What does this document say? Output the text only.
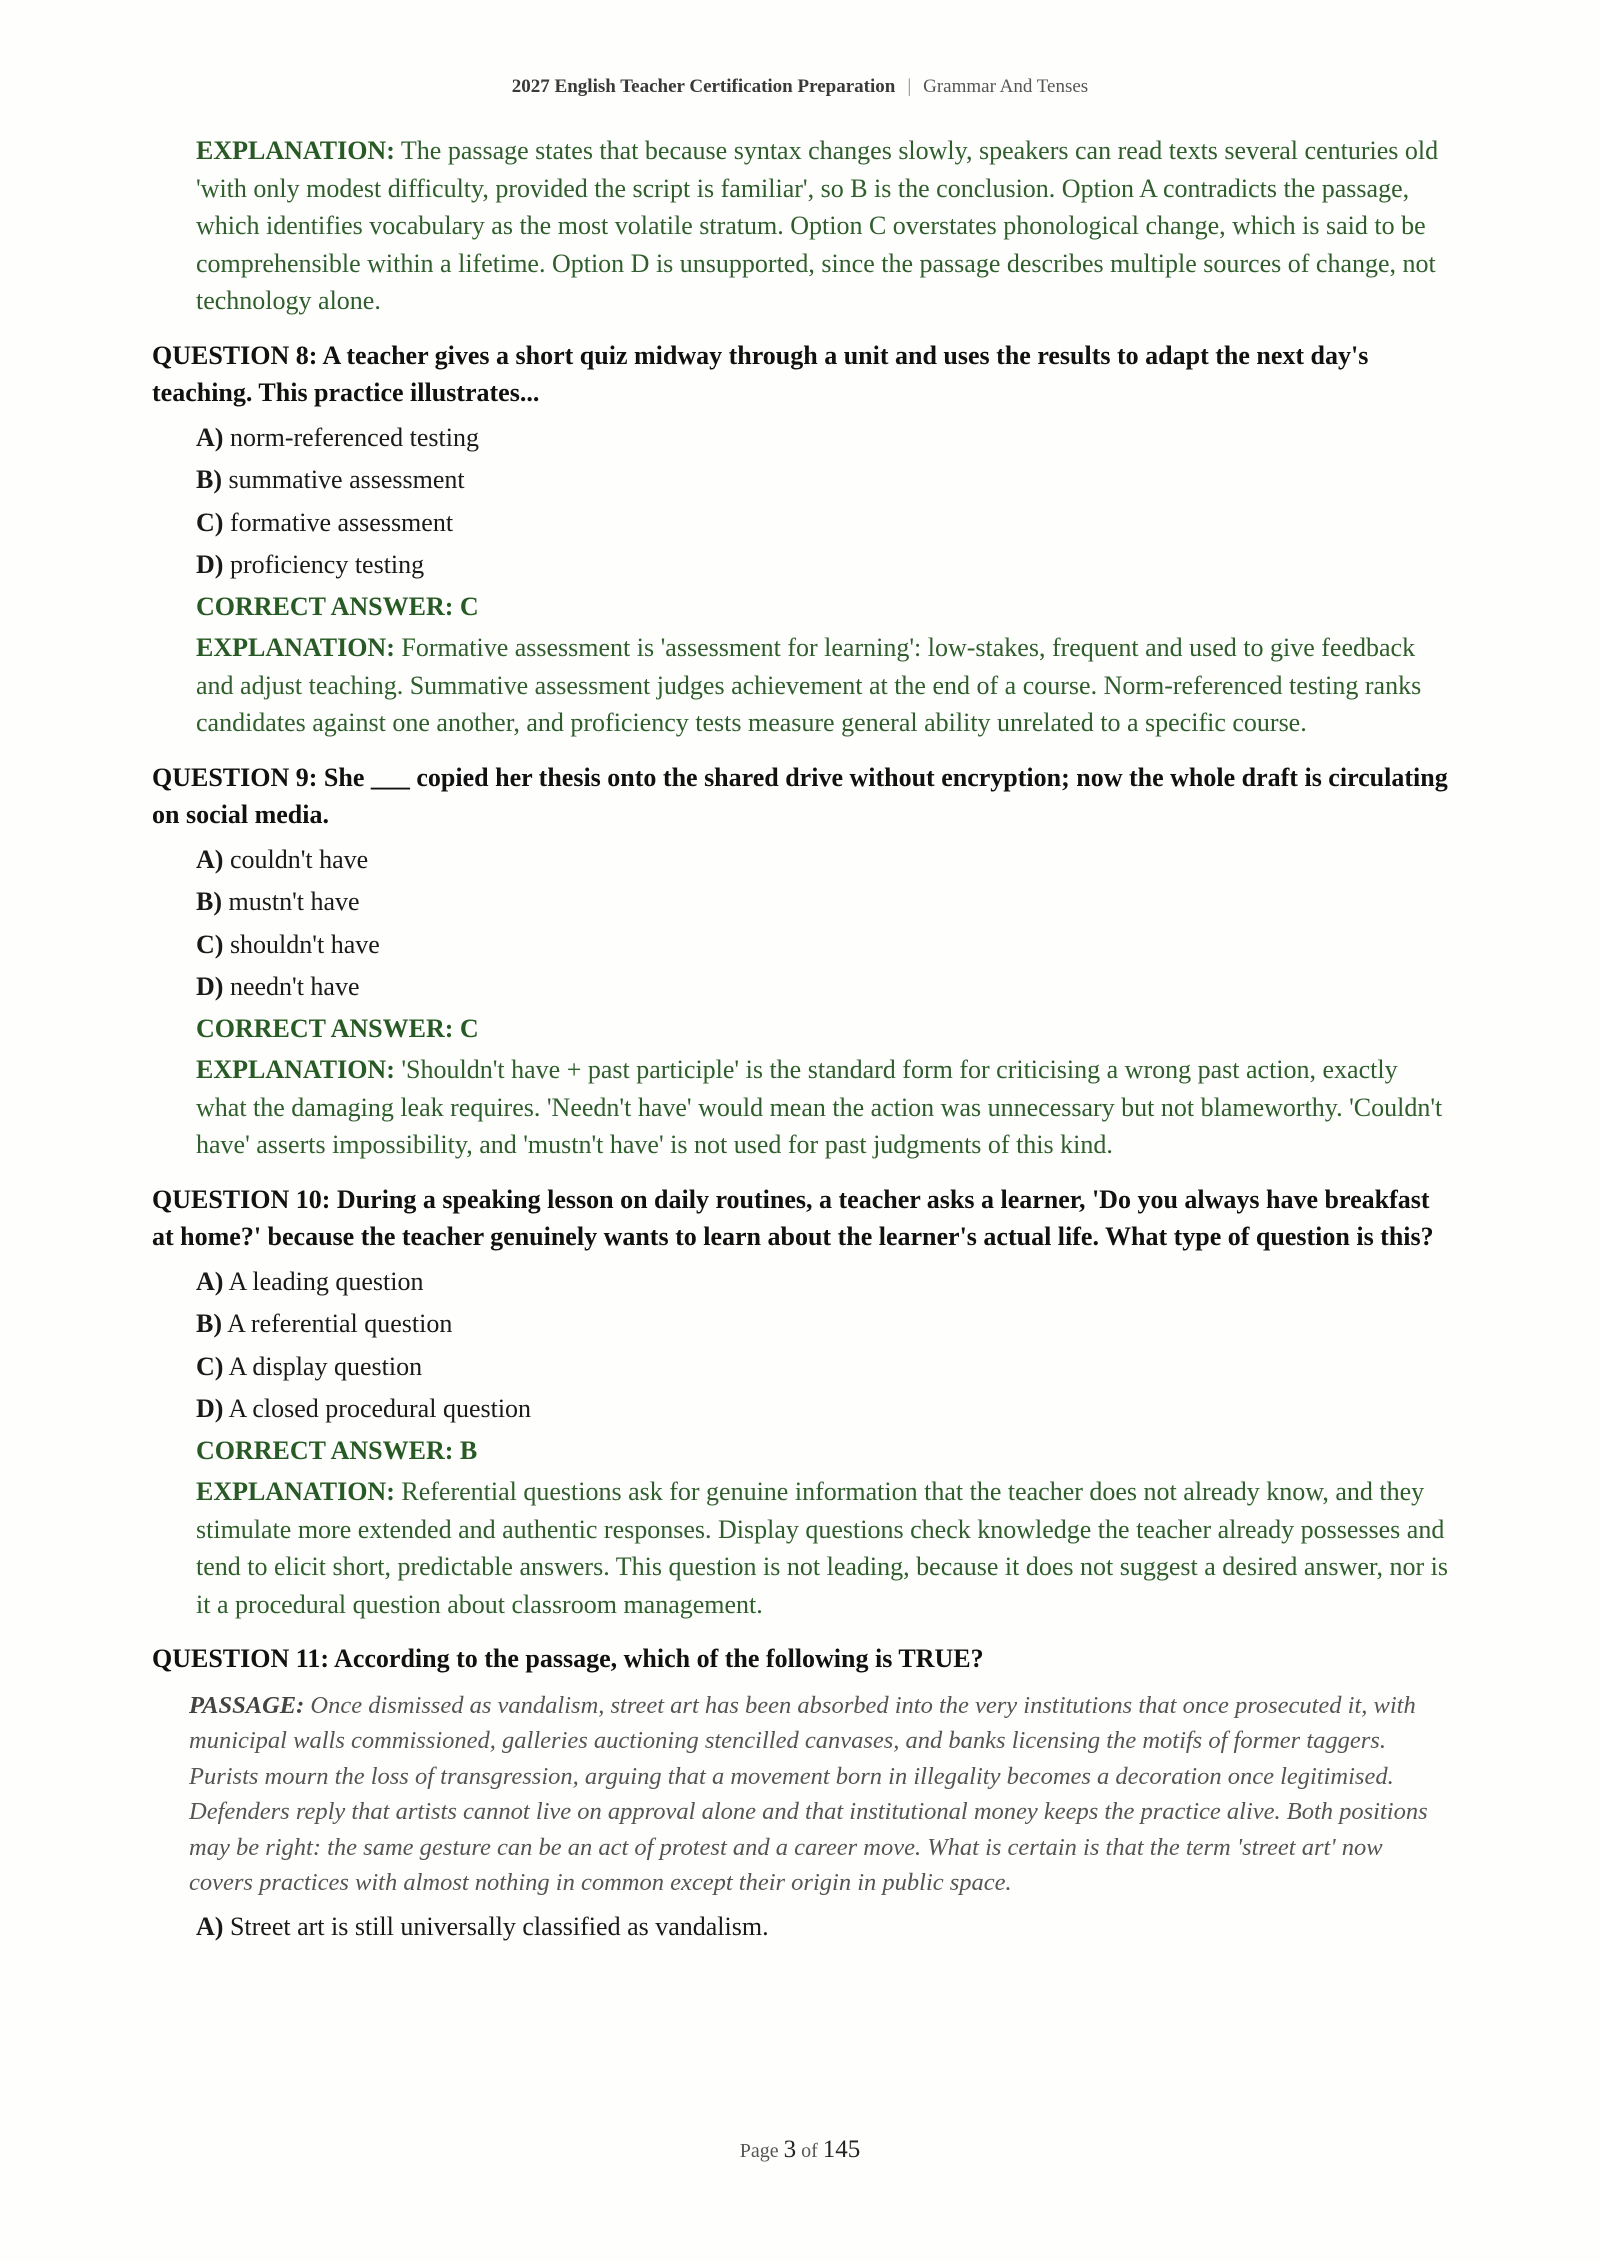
2027 English Teacher Certification Preparation | Grammar And Tenses
EXPLANATION: The passage states that because syntax changes slowly, speakers can read texts several centuries old 'with only modest difficulty, provided the script is familiar', so B is the conclusion. Option A contradicts the passage, which identifies vocabulary as the most volatile stratum. Option C overstates phonological change, which is said to be comprehensible within a lifetime. Option D is unsupported, since the passage describes multiple sources of change, not technology alone.
QUESTION 8: A teacher gives a short quiz midway through a unit and uses the results to adapt the next day's teaching. This practice illustrates...
A) norm-referenced testing
B) summative assessment
C) formative assessment
D) proficiency testing
CORRECT ANSWER: C
EXPLANATION: Formative assessment is 'assessment for learning': low-stakes, frequent and used to give feedback and adjust teaching. Summative assessment judges achievement at the end of a course. Norm-referenced testing ranks candidates against one another, and proficiency tests measure general ability unrelated to a specific course.
QUESTION 9: She ___ copied her thesis onto the shared drive without encryption; now the whole draft is circulating on social media.
A) couldn't have
B) mustn't have
C) shouldn't have
D) needn't have
CORRECT ANSWER: C
EXPLANATION: 'Shouldn't have + past participle' is the standard form for criticising a wrong past action, exactly what the damaging leak requires. 'Needn't have' would mean the action was unnecessary but not blameworthy. 'Couldn't have' asserts impossibility, and 'mustn't have' is not used for past judgments of this kind.
QUESTION 10: During a speaking lesson on daily routines, a teacher asks a learner, 'Do you always have breakfast at home?' because the teacher genuinely wants to learn about the learner's actual life. What type of question is this?
A) A leading question
B) A referential question
C) A display question
D) A closed procedural question
CORRECT ANSWER: B
EXPLANATION: Referential questions ask for genuine information that the teacher does not already know, and they stimulate more extended and authentic responses. Display questions check knowledge the teacher already possesses and tend to elicit short, predictable answers. This question is not leading, because it does not suggest a desired answer, nor is it a procedural question about classroom management.
QUESTION 11: According to the passage, which of the following is TRUE?
PASSAGE: Once dismissed as vandalism, street art has been absorbed into the very institutions that once prosecuted it, with municipal walls commissioned, galleries auctioning stencilled canvases, and banks licensing the motifs of former taggers. Purists mourn the loss of transgression, arguing that a movement born in illegality becomes a decoration once legitimised. Defenders reply that artists cannot live on approval alone and that institutional money keeps the practice alive. Both positions may be right: the same gesture can be an act of protest and a career move. What is certain is that the term 'street art' now covers practices with almost nothing in common except their origin in public space.
A) Street art is still universally classified as vandalism.
Page 3 of 145
